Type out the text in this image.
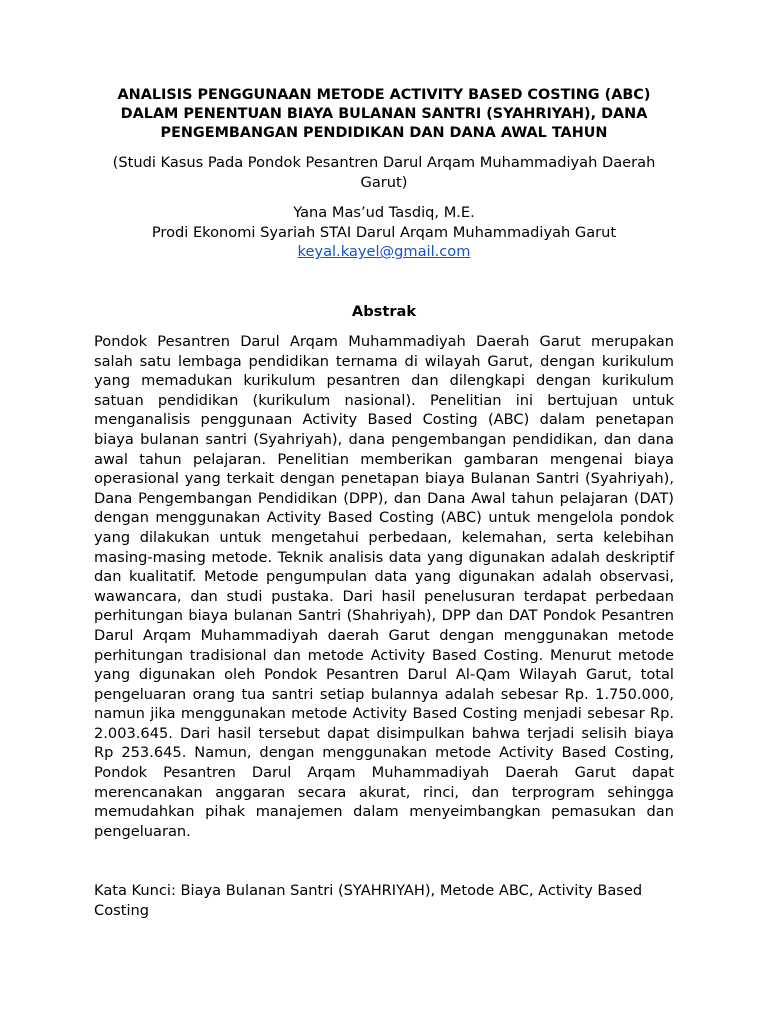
ANALISIS PENGGUNAAN METODE ACTIVITY BASED COSTING (ABC)
DALAM PENENTUAN BIAYA BULANAN SANTRI (SYAHRIYAH), DANA
PENGEMBANGAN PENDIDIKAN DAN DANA AWAL TAHUN

(Studi Kasus Pada Pondok Pesantren Darul Arqam Muhammadiyah Daerah Garut)

Yana Mas’ud Tasdiq, M.E.
Prodi Ekonomi Syariah STAI Darul Arqam Muhammadiyah Garut
keyal.kayel@gmail.com
Abstrak

Pondok Pesantren Darul Arqam Muhammadiyah Daerah Garut merupakan salah satu lembaga pendidikan ternama di wilayah Garut, dengan kurikulum yang memadukan kurikulum pesantren dan dilengkapi dengan kurikulum satuan pendidikan (kurikulum nasional). Penelitian ini bertujuan untuk menganalisis penggunaan Activity Based Costing (ABC) dalam penetapan biaya bulanan santri (Syahriyah), dana pengembangan pendidikan, dan dana awal tahun pelajaran. Penelitian memberikan gambaran mengenai biaya operasional yang terkait dengan penetapan biaya Bulanan Santri (Syahriyah), Dana Pengembangan Pendidikan (DPP), dan Dana Awal tahun pelajaran (DAT) dengan menggunakan Activity Based Costing (ABC) untuk mengelola pondok yang dilakukan untuk mengetahui perbedaan, kelemahan, serta kelebihan masing-masing metode. Teknik analisis data yang digunakan adalah deskriptif dan kualitatif. Metode pengumpulan data yang digunakan adalah observasi, wawancara, dan studi pustaka. Dari hasil penelusuran terdapat perbedaan perhitungan biaya bulanan Santri (Shahriyah), DPP dan DAT Pondok Pesantren Darul Arqam Muhammadiyah daerah Garut dengan menggunakan metode perhitungan tradisional dan metode Activity Based Costing. Menurut metode yang digunakan oleh Pondok Pesantren Darul Al-Qam Wilayah Garut, total pengeluaran orang tua santri setiap bulannya adalah sebesar Rp. 1.750.000, namun jika menggunakan metode Activity Based Costing menjadi sebesar Rp. 2.003.645. Dari hasil tersebut dapat disimpulkan bahwa terjadi selisih biaya Rp 253.645. Namun, dengan menggunakan metode Activity Based Costing, Pondok Pesantren Darul Arqam Muhammadiyah Daerah Garut dapat merencanakan anggaran secara akurat, rinci, dan terprogram sehingga memudahkan pihak manajemen dalam menyeimbangkan pemasukan dan pengeluaran.

Kata Kunci: Biaya Bulanan Santri (SYAHRIYAH), Metode ABC, Activity Based Costing
